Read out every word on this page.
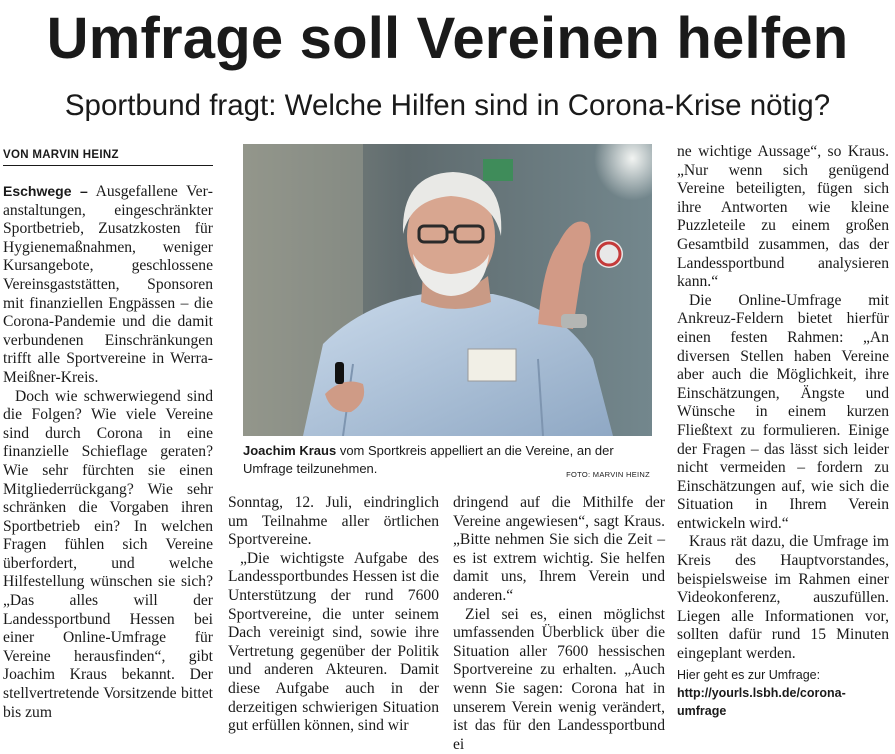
Umfrage soll Vereinen helfen
Sportbund fragt: Welche Hilfen sind in Corona-Krise nötig?
VON MARVIN HEINZ

Eschwege – Ausgefallene Veranstaltungen, eingeschränkter Sportbetrieb, Zusatzkosten für Hygienemaßnahmen, weniger Kursangebote, geschlossene Vereinsgaststätten, Sponsoren mit finanziellen Engpässen – die Corona-Pandemie und die damit verbundenen Einschränkungen trifft alle Sportvereine in Werra-Meißner-Kreis.

Doch wie schwerwiegend sind die Folgen? Wie viele Vereine sind durch Corona in eine finanzielle Schieflage geraten? Wie sehr fürchten sie einen Mitgliederrückgang? Wie sehr schränken die Vorgaben ihren Sportbetrieb ein? In welchen Fragen fühlen sich Vereine überfordert, und welche Hilfestellung wünschen sie sich? „Das alles will der Landessportbund Hessen bei einer Online-Umfrage für Vereine herausfinden“, gibt Joachim Kraus bekannt. Der stellvertretende Vorsitzende bittet bis zum

Joachim Kraus vom Sportkreis appelliert an die Vereine, an der Umfrage teilzunehmen.	FOTO: MARVIN HEINZ

Sonntag, 12. Juli, eindringlich um Teilnahme aller örtlichen Sportvereine.

„Die wichtigste Aufgabe des Landessportbundes Hessen ist die Unterstützung der rund 7600 Sportvereine, die unter seinem Dach vereinigt sind, sowie ihre Vertretung gegenüber der Politik und anderen Akteuren. Damit diese Aufgabe auch in der derzeitigen schwierigen Situation gut erfüllen können, sind wir

dringend auf die Mithilfe der Vereine angewiesen“, sagt Kraus. „Bitte nehmen Sie sich die Zeit – es ist extrem wichtig. Sie helfen damit uns, Ihrem Verein und anderen.“

Ziel sei es, einen möglichst umfassenden Überblick über die Situation aller 7600 hessischen Sportvereine zu erhalten. „Auch wenn Sie sagen: Corona hat in unserem Verein wenig verändert, ist das für den Landessportbund ei

ne wichtige Aussage“, so Kraus. „Nur wenn sich genügend Vereine beteiligten, fügen sich ihre Antworten wie kleine Puzzleteile zu einem großen Gesamtbild zusammen, das der Landessportbund analysieren kann.“

Die Online-Umfrage mit Ankreuz-Feldern bietet hierfür einen festen Rahmen: „An diversen Stellen haben Vereine aber auch die Möglichkeit, ihre Einschätzungen, Ängste und Wünsche in einem kurzen Fließtext zu formulieren. Einige der Fragen – das lässt sich leider nicht vermeiden – fordern zu Einschätzungen auf, wie sich die Situation in Ihrem Verein entwickeln wird.“

Kraus rät dazu, die Umfrage im Kreis des Hauptvorstandes, beispielsweise im Rahmen einer Videokonferenz, auszufüllen. Liegen alle Informationen vor, sollten dafür rund 15 Minuten eingeplant werden.

Hier geht es zur Umfrage: http://yourls.lsbh.de/corona-umfrage
